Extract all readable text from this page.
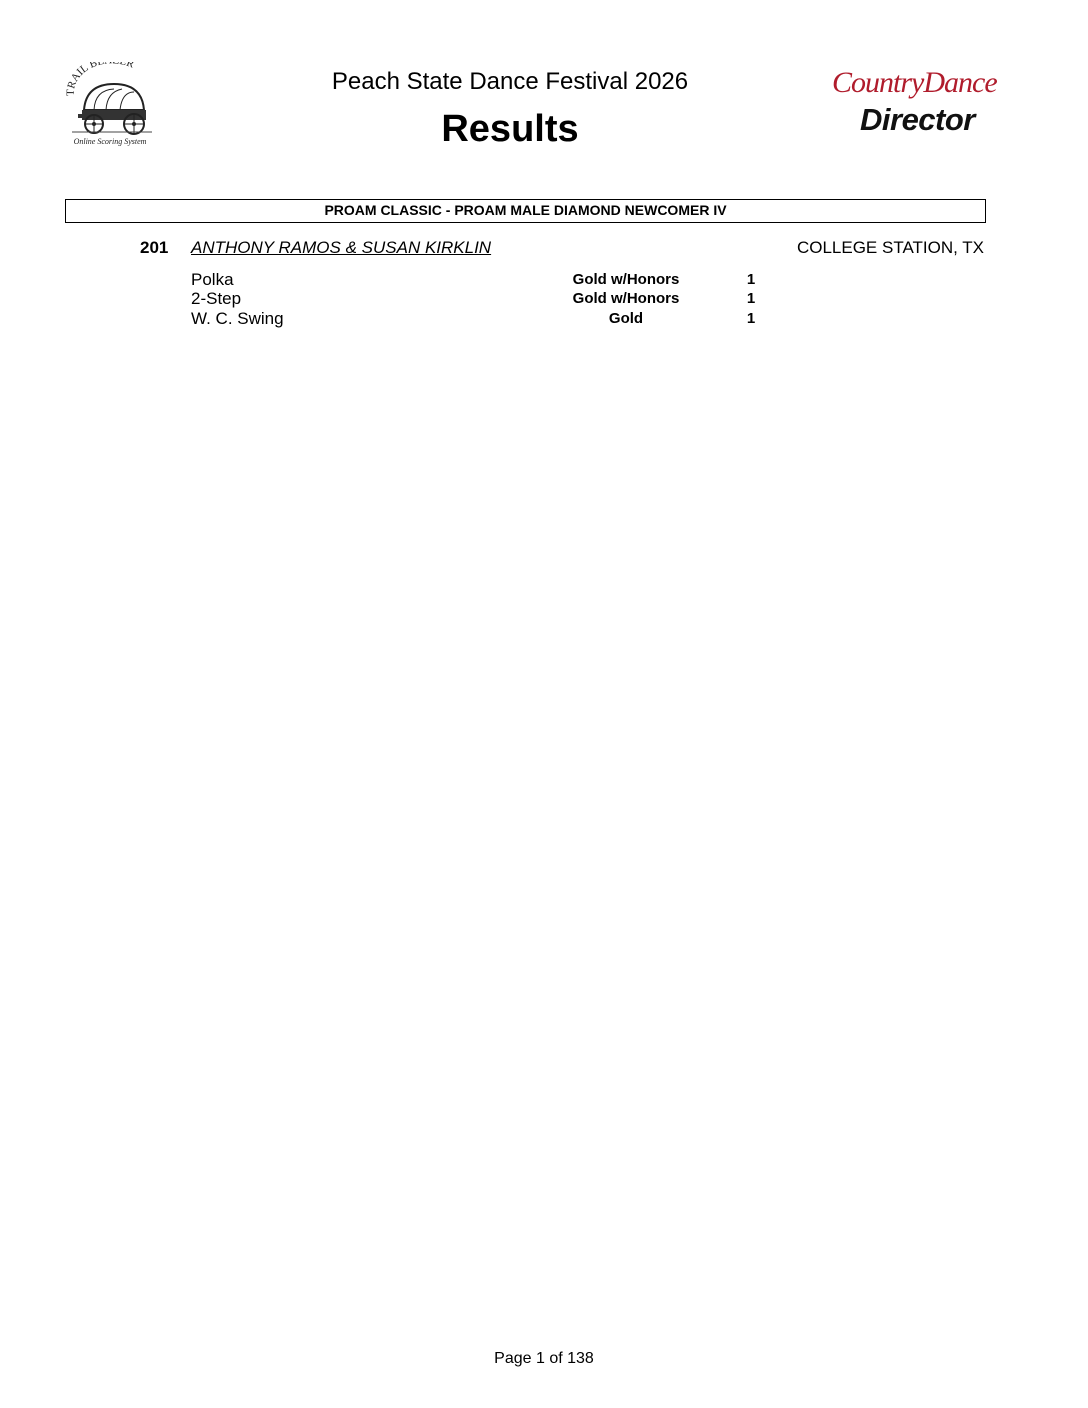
TRAIL B R
Online Scoring System
Peach State Dance Festival 2026
Results
CountryDance
Director
PROAM CLASSIC - PROAM MALE DIAMOND NEWCOMER IV
201 ANTHONY RAMOS & SUSAN KIRKLIN	COLLEGE STATION, TX
Polka	Gold w/Honors	1
2-Step	Gold w/Honors	1
W. C. Swing	Gold	1
Page 1 of 138
